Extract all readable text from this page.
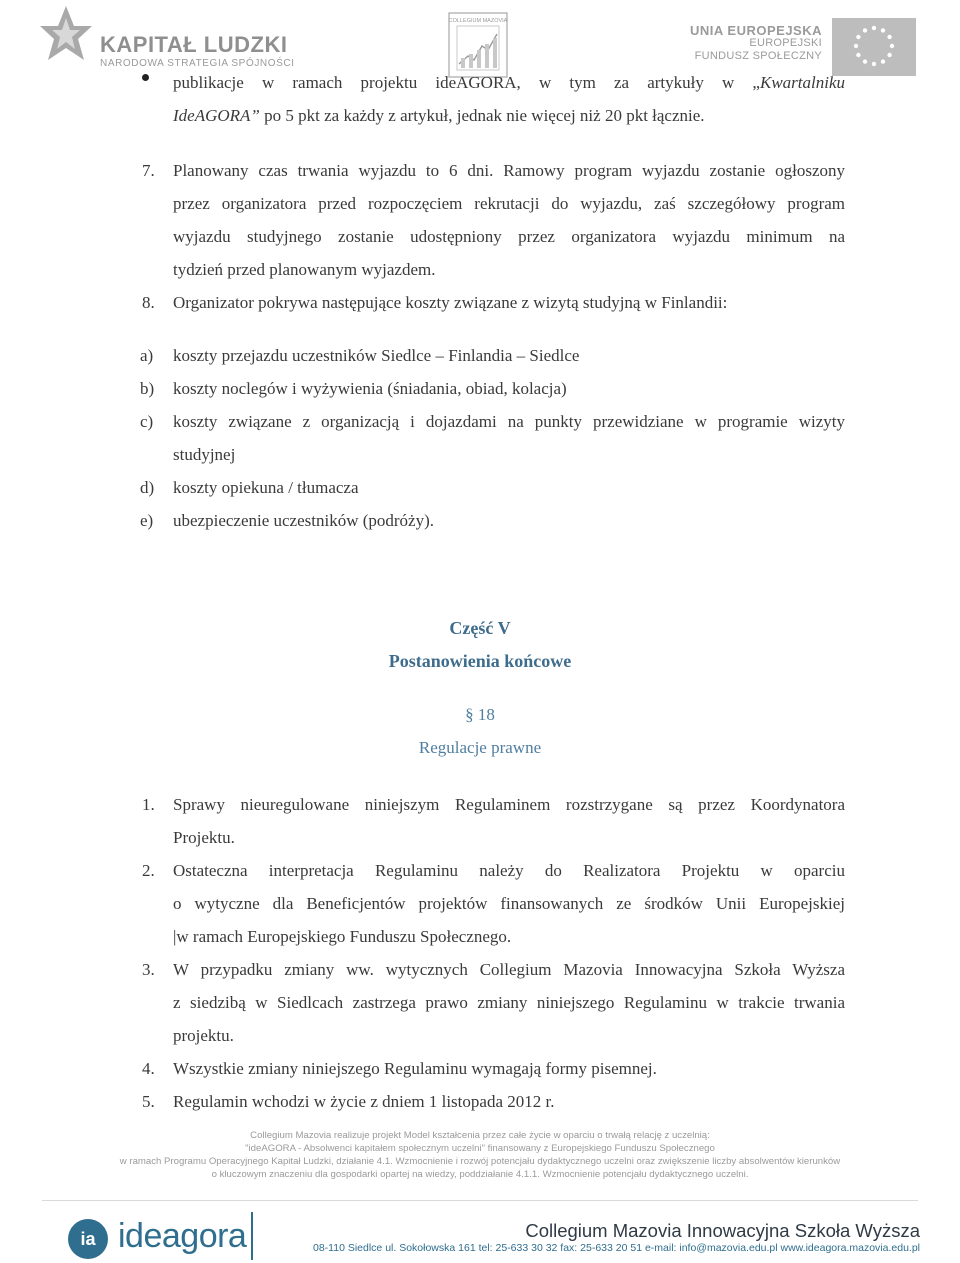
KAPITAŁ LUDZKI
NARODOWA STRATEGIA SPÓJNOŚCI
COLLEGIUM MAZOVIA
UNIA EUROPEJSKA
EUROPEJSKI
FUNDUSZ SPOŁECZNY
publikacje w ramach projektu ideAGORA, w tym za artykuły w „Kwartalniku
IdeAGORA” po 5 pkt za każdy z artykuł, jednak nie więcej niż 20 pkt łącznie.
7. Planowany czas trwania wyjazdu to 6 dni. Ramowy program wyjazdu zostanie ogłoszony
przez organizatora przed rozpoczęciem rekrutacji do wyjazdu, zaś szczegółowy program
wyjazdu studyjnego zostanie udostępniony przez organizatora wyjazdu minimum na
tydzień przed planowanym wyjazdem.
8. Organizator pokrywa następujące koszty związane z wizytą studyjną w Finlandii:
a) koszty przejazdu uczestników Siedlce – Finlandia – Siedlce
b) koszty noclegów i wyżywienia (śniadania, obiad, kolacja)
c) koszty związane z organizacją i dojazdami na punkty przewidziane w programie wizyty
studyjnej
d) koszty opiekuna / tłumacza
e) ubezpieczenie uczestników (podróży).
Część V
Postanowienia końcowe
§ 18
Regulacje prawne
1. Sprawy nieuregulowane niniejszym Regulaminem rozstrzygane są przez Koordynatora
Projektu.
2. Ostateczna interpretacja Regulaminu należy do Realizatora Projektu w oparciu
o wytyczne dla Beneficjentów projektów finansowanych ze środków Unii Europejskiej
|w ramach Europejskiego Funduszu Społecznego.
3. W przypadku zmiany ww. wytycznych Collegium Mazovia Innowacyjna Szkoła Wyższa
z siedzibą w Siedlcach zastrzega prawo zmiany niniejszego Regulaminu w trakcie trwania
projektu.
4. Wszystkie zmiany niniejszego Regulaminu wymagają formy pisemnej.
5. Regulamin wchodzi w życie z dniem 1 listopada 2012 r.
Collegium Mazovia realizuje projekt Model kształcenia przez całe życie w oparciu o trwałą relację z uczelnią:
"ideAGORA - Absolwenci kapitałem społecznym uczelni" finansowany z Europejskiego Funduszu Społecznego
w ramach Programu Operacyjnego Kapitał Ludzki, działanie 4.1. Wzmocnienie i rozwój potencjału dydaktycznego uczelni oraz zwiększenie liczby absolwentów kierunków
o kluczowym znaczeniu dla gospodarki opartej na wiedzy, poddziałanie 4.1.1. Wzmocnienie potencjału dydaktycznego uczelni.
ia ideagora	Collegium Mazovia Innowacyjna Szkoła Wyższa
08-110 Siedlce ul. Sokołowska 161 tel: 25-633 30 32 fax: 25-633 20 51 e-mail: info@mazovia.edu.pl www.ideagora.mazovia.edu.pl
